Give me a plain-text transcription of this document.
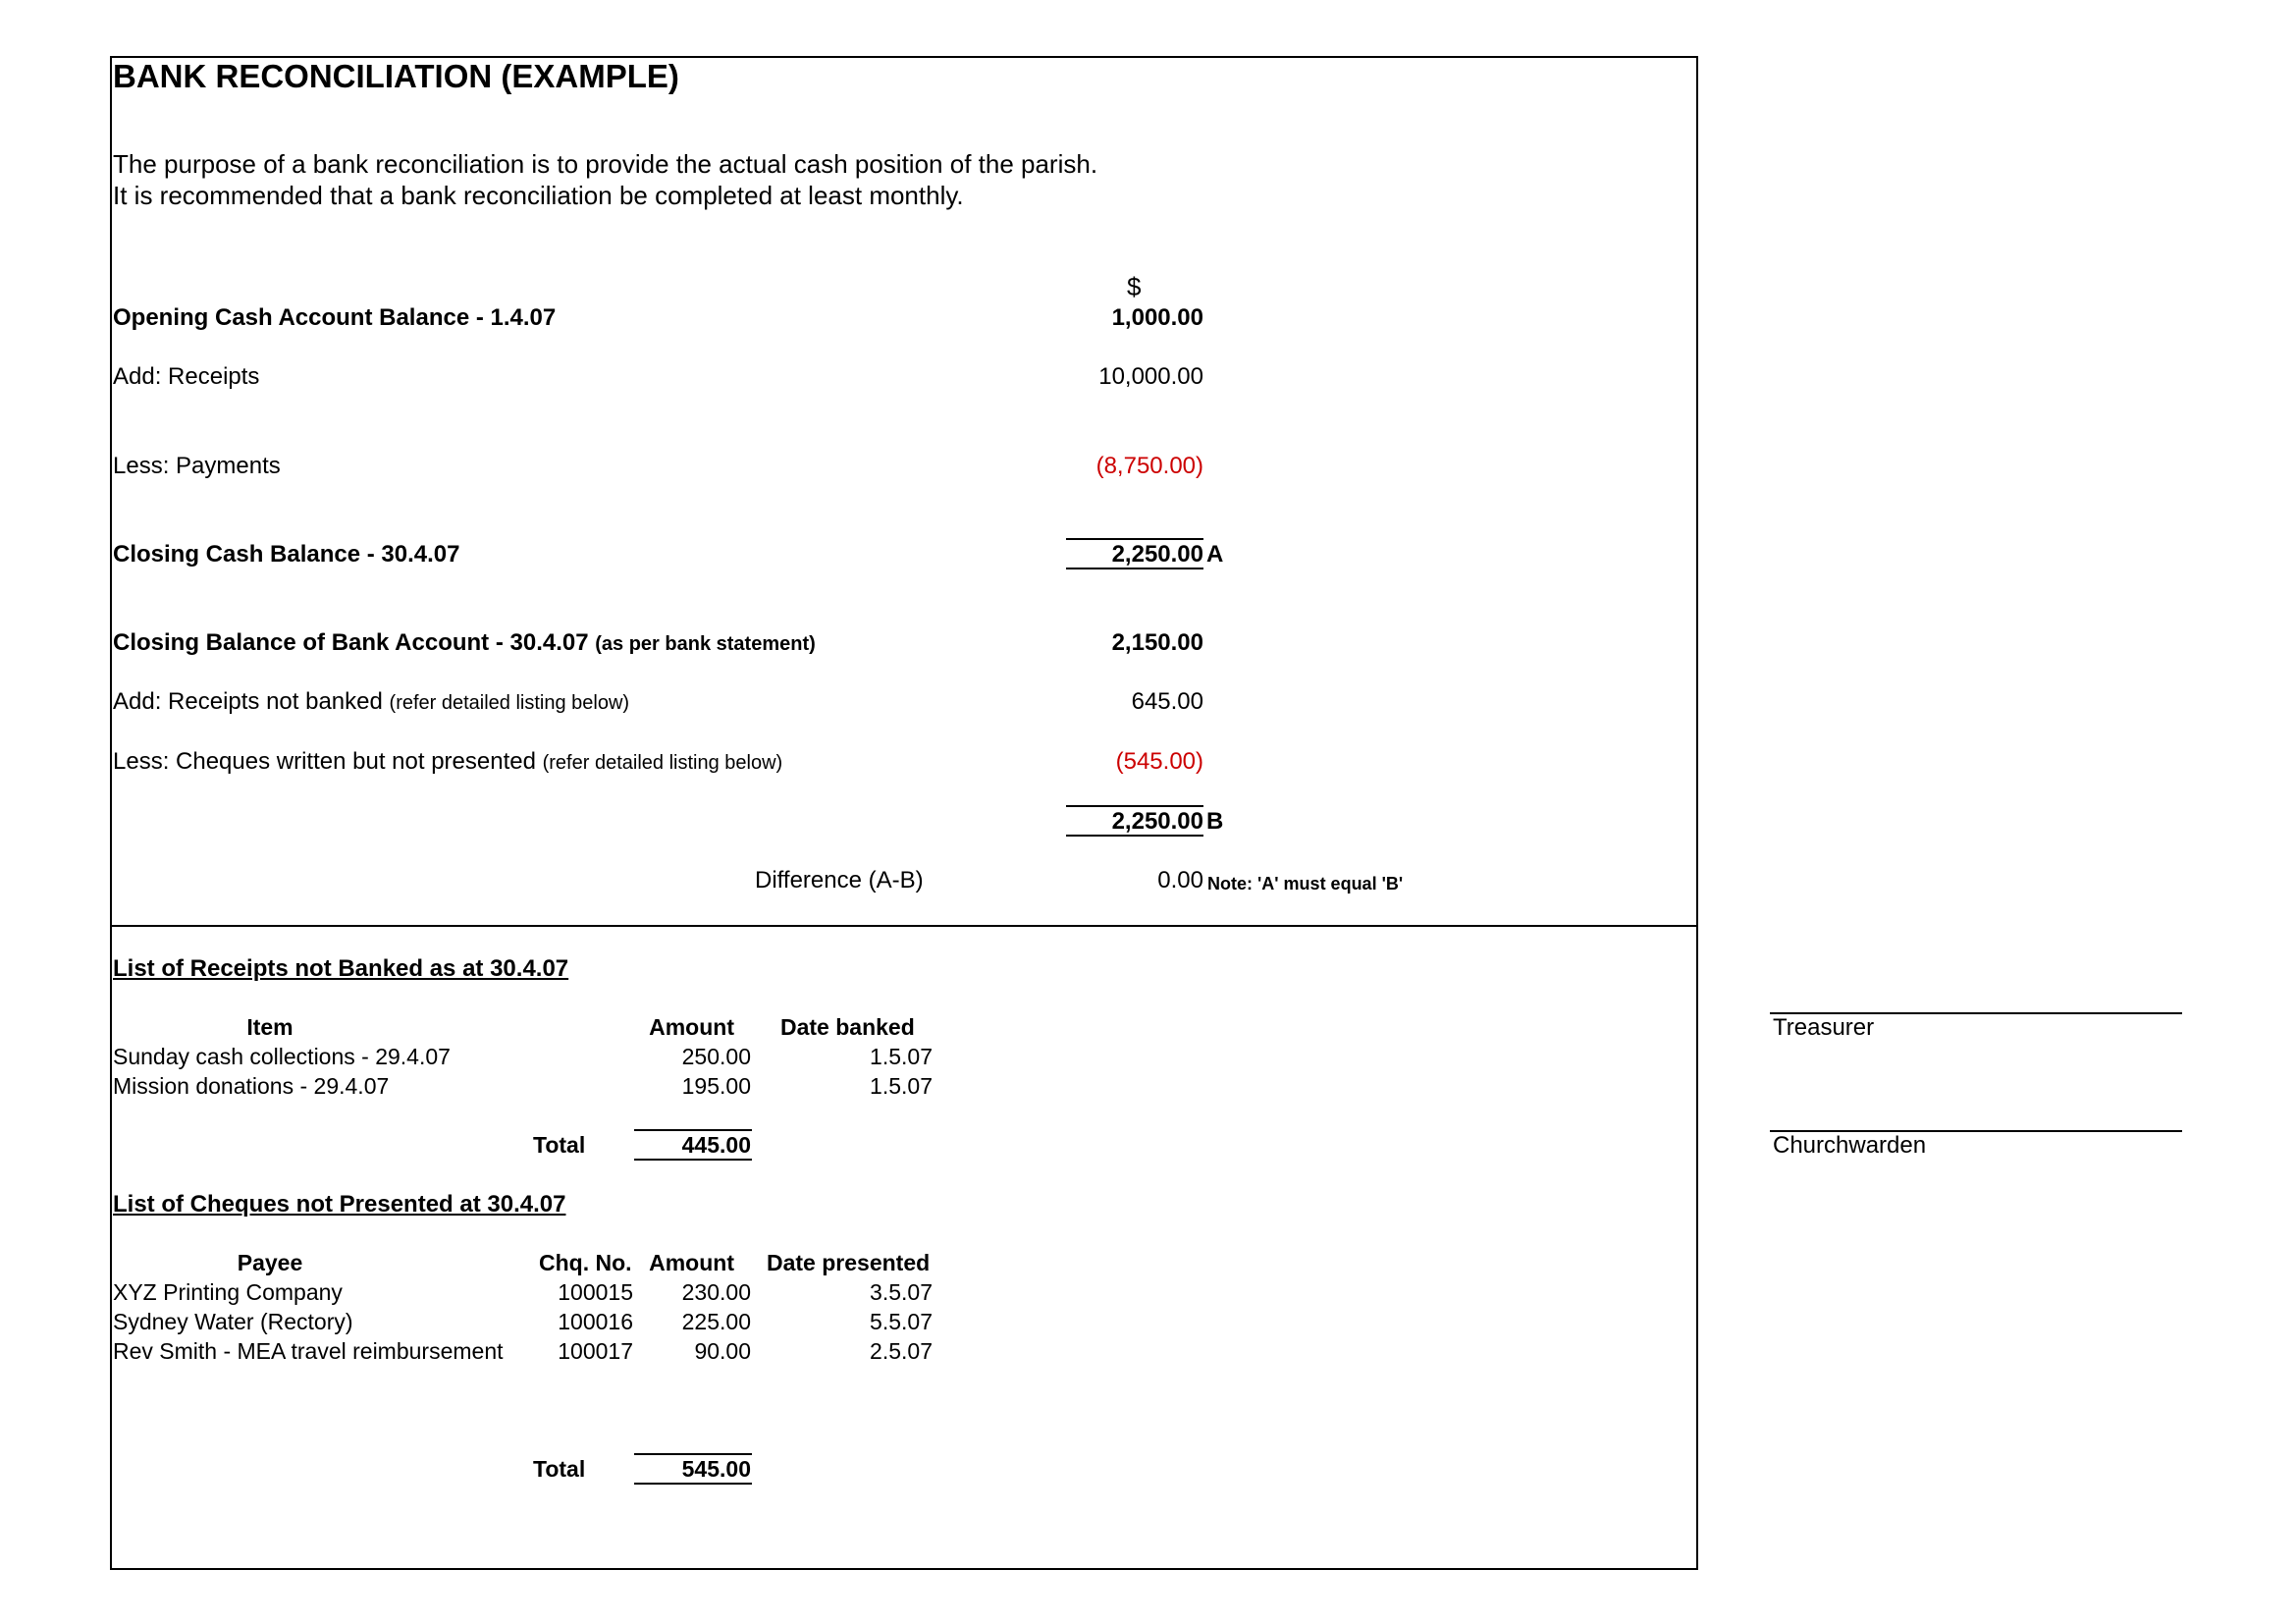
BANK RECONCILIATION (EXAMPLE)
The purpose of a bank reconciliation is to provide the actual cash position of the parish.
It is recommended that a bank reconciliation be completed at least monthly.
$
Opening Cash Account Balance - 1.4.07	1,000.00
Add: Receipts	10,000.00
Less: Payments	(8,750.00)
Closing Cash Balance - 30.4.07	2,250.00 A
Closing Balance of Bank Account - 30.4.07 (as per bank statement)	2,150.00
Add: Receipts not banked (refer detailed listing below)	645.00
Less: Cheques written but not presented (refer detailed listing below)	(545.00)
2,250.00 B
Difference (A-B)	0.00 Note: 'A' must equal 'B'
List of Receipts not Banked as at 30.4.07
Item	Amount Date banked
Sunday cash collections - 29.4.07	250.00	1.5.07
Mission donations - 29.4.07	195.00	1.5.07
Total	445.00
List of Cheques not Presented at 30.4.07
Payee	Chq. No. Amount Date presented
XYZ Printing Company	100015	230.00	3.5.07
Sydney Water (Rectory)	100016	225.00	5.5.07
Rev Smith - MEA travel reimbursement	100017	90.00	2.5.07
Total	545.00
Treasurer
Churchwarden
